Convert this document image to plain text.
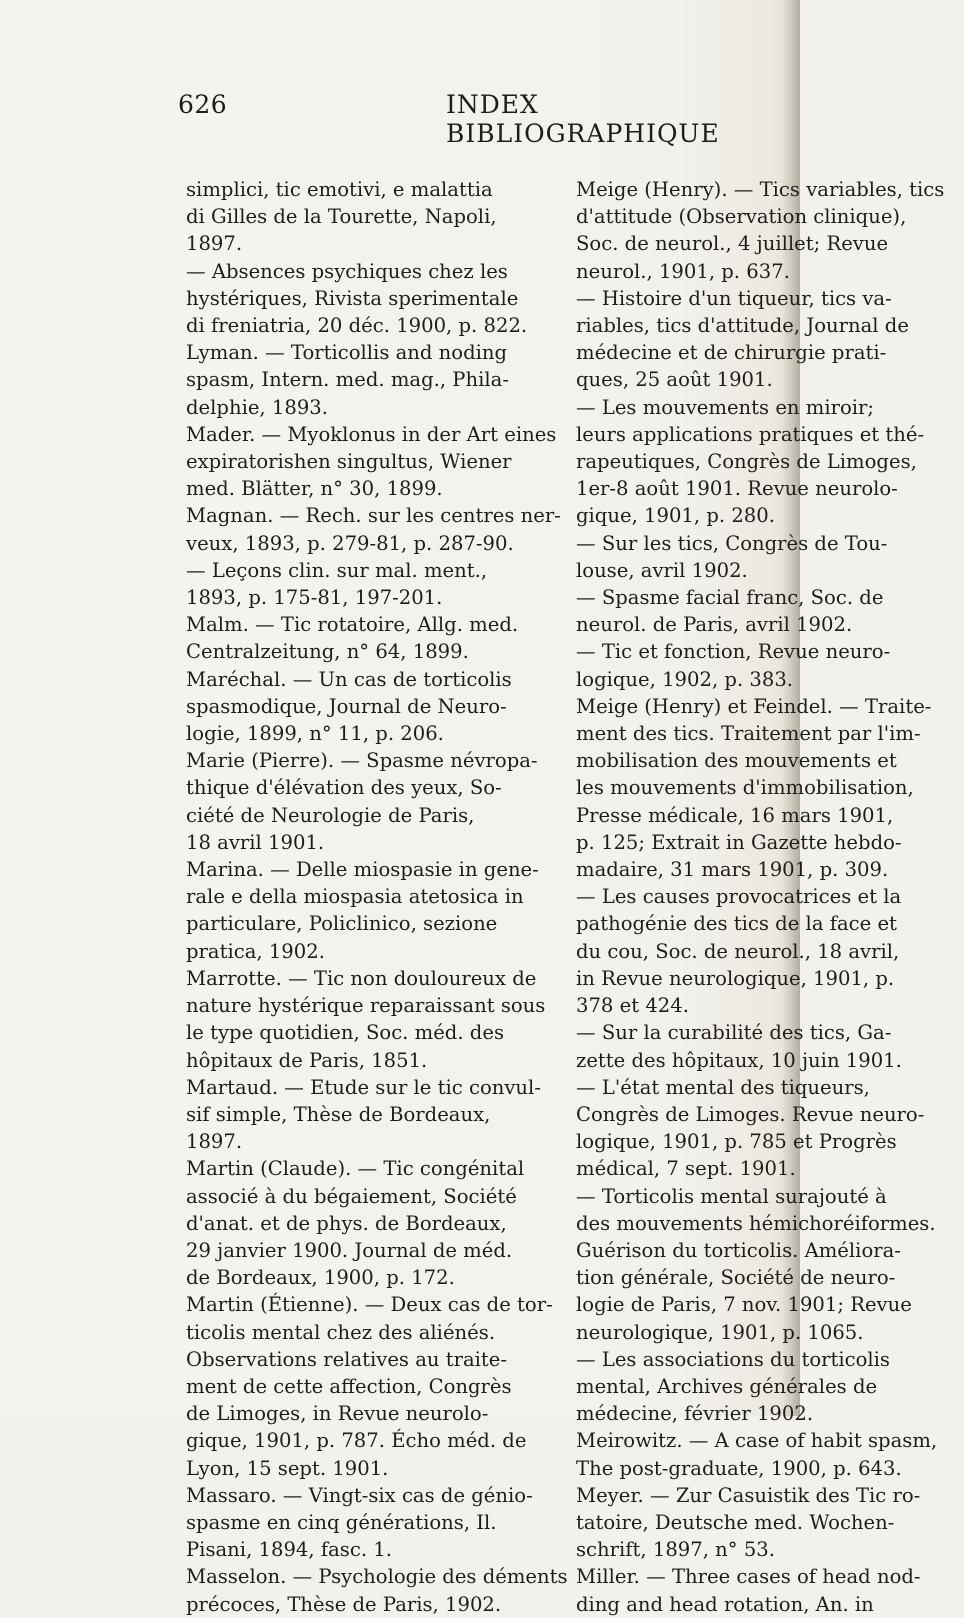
626	INDEX BIBLIOGRAPHIQUE

simplici, tic emotivi, e malattia
di Gilles de la Tourette, Napoli,
1897.

— Absences psychiques chez les
hystériques, Rivista sperimentale
di freniatria, 20 déc. 1900, p. 822.

Lyman. — Torticollis and noding
spasm, Intern. med. mag., Phila-
delphie, 1893.

Mader. — Myoklonus in der Art eines
expiratorishen singultus, Wiener
med. Blätter, n° 30, 1899.

Magnan. — Rech. sur les centres ner-
veux, 1893, p. 279-81, p. 287-90.

— Leçons clin. sur mal. ment.,
1893, p. 175-81, 197-201.

Malm. — Tic rotatoire, Allg. med.
Centralzeitung, n° 64, 1899.

Maréchal. — Un cas de torticolis
spasmodique, Journal de Neuro-
logie, 1899, n° 11, p. 206.

Marie (Pierre). — Spasme névropa-
thique d'élévation des yeux, So-
ciété de Neurologie de Paris,
18 avril 1901.

Marina. — Delle miospasie in gene-
rale e della miospasia atetosica in
particulare, Policlinico, sezione
pratica, 1902.

Marrotte. — Tic non douloureux de
nature hystérique reparaissant sous
le type quotidien, Soc. méd. des
hôpitaux de Paris, 1851.

Martaud. — Etude sur le tic convul-
sif simple, Thèse de Bordeaux,
1897.

Martin (Claude). — Tic congénital
associé à du bégaiement, Société
d'anat. et de phys. de Bordeaux,
29 janvier 1900. Journal de méd.
de Bordeaux, 1900, p. 172.

Martin (Étienne). — Deux cas de tor-
ticolis mental chez des aliénés.
Observations relatives au traite-
ment de cette affection, Congrès
de Limoges, in Revue neurolo-
gique, 1901, p. 787. Écho méd. de
Lyon, 15 sept. 1901.

Massaro. — Vingt-six cas de génio-
spasme en cinq générations, Il.
Pisani, 1894, fasc. 1.

Masselon. — Psychologie des déments
précoces, Thèse de Paris, 1902.

Meige (Henry). — Tics variables, tics
d'attitude (Observation clinique),
Soc. de neurol., 4 juillet; Revue
neurol., 1901, p. 637.

— Histoire d'un tiqueur, tics va-
riables, tics d'attitude, Journal de
médecine et de chirurgie prati-
ques, 25 août 1901.

— Les mouvements en miroir;
leurs applications pratiques et thé-
rapeutiques, Congrès de Limoges,
1er-8 août 1901. Revue neurolo-
gique, 1901, p. 280.

— Sur les tics, Congrès de Tou-
louse, avril 1902.

— Spasme facial franc, Soc. de
neurol. de Paris, avril 1902.

— Tic et fonction, Revue neuro-
logique, 1902, p. 383.

Meige (Henry) et Feindel. — Traite-
ment des tics. Traitement par l'im-
mobilisation des mouvements et
les mouvements d'immobilisation,
Presse médicale, 16 mars 1901,
p. 125; Extrait in Gazette hebdo-
madaire, 31 mars 1901, p. 309.

— Les causes provocatrices et la
pathogénie des tics de la face et
du cou, Soc. de neurol., 18 avril,
in Revue neurologique, 1901, p.
378 et 424.

— Sur la curabilité des tics, Ga-
zette des hôpitaux, 10 juin 1901.

— L'état mental des tiqueurs,
Congrès de Limoges. Revue neuro-
logique, 1901, p. 785 et Progrès
médical, 7 sept. 1901.

— Torticolis mental surajouté à
des mouvements hémichoréiformes.
Guérison du torticolis. Améliora-
tion générale, Société de neuro-
logie de Paris, 7 nov. 1901; Revue
neurologique, 1901, p. 1065.

— Les associations du torticolis
mental, Archives générales de
médecine, février 1902.

Meirowitz. — A case of habit spasm,
The post-graduate, 1900, p. 643.

Meyer. — Zur Casuistik des Tic ro-
tatoire, Deutsche med. Wochen-
schrift, 1897, n° 53.

Miller. — Three cases of head nod-
ding and head rotation, An. in
